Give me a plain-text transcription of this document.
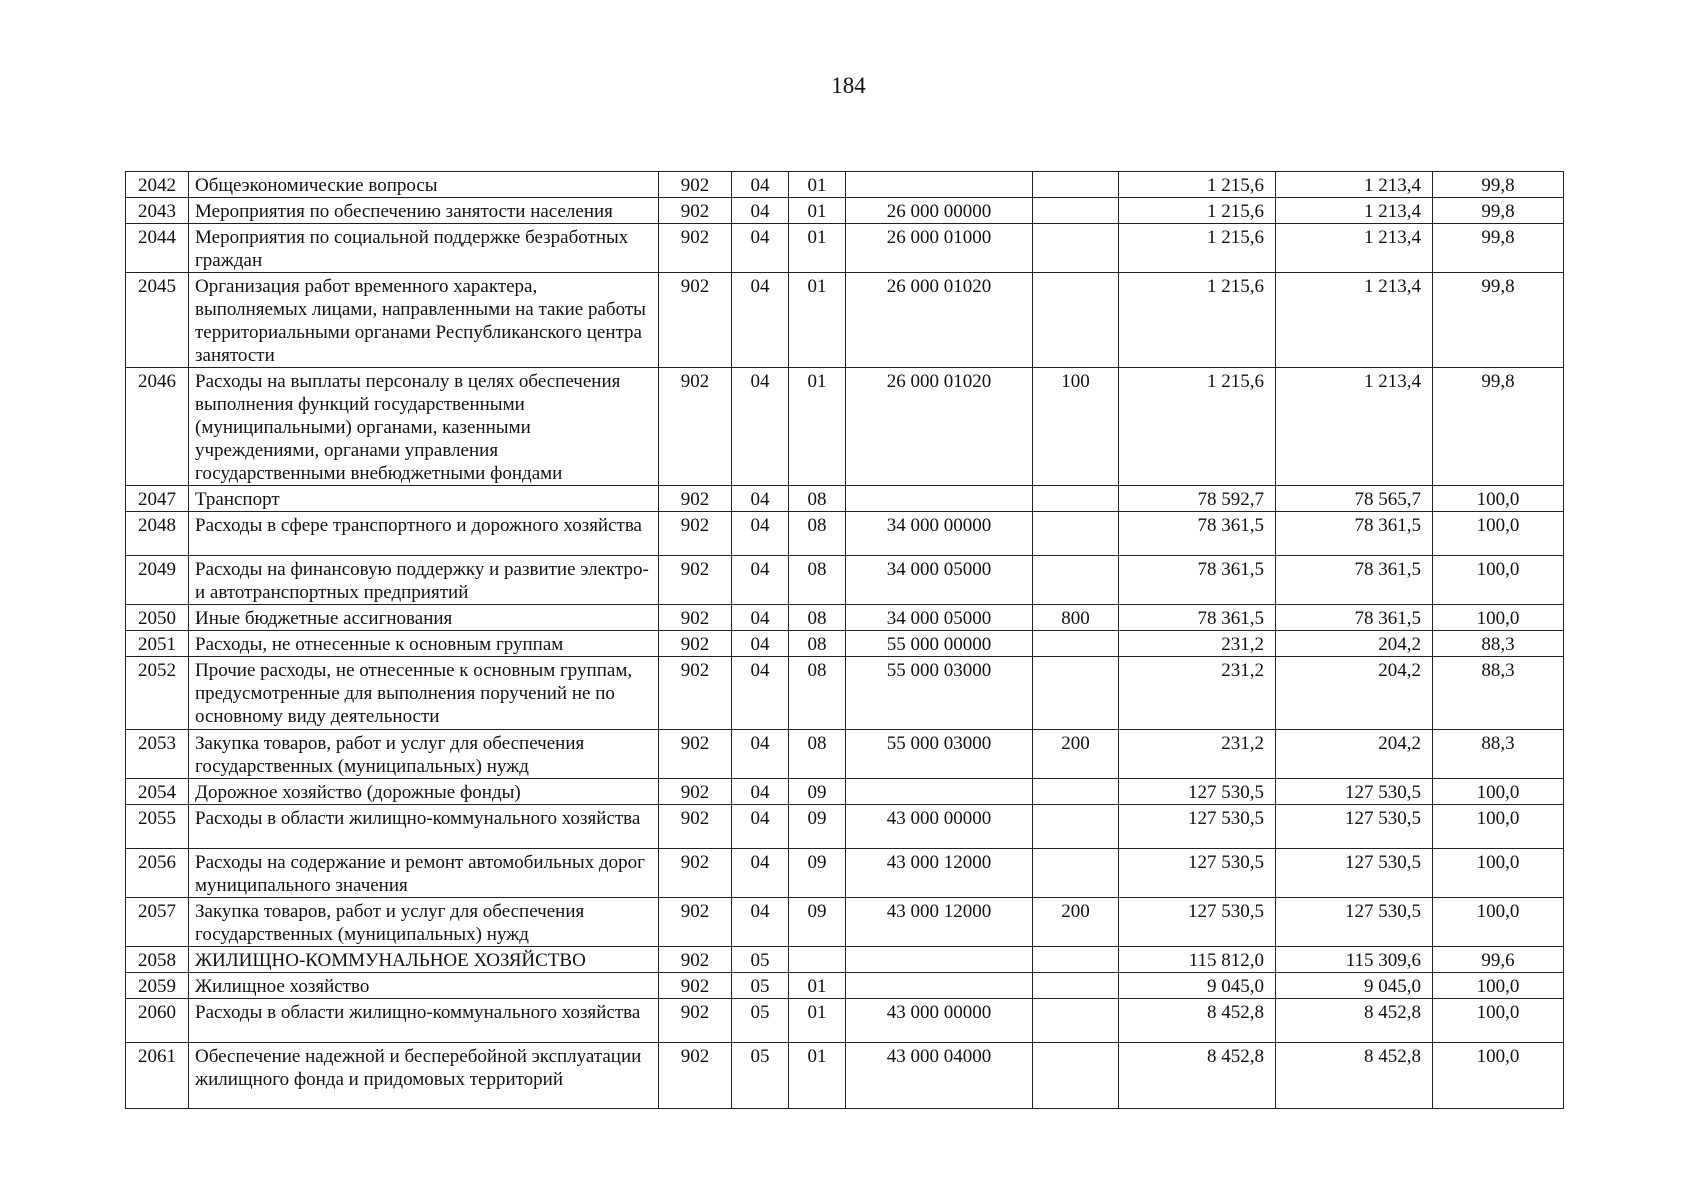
184
2042	Общеэкономические вопросы	902	04	01			1 215,6	1 213,4	99,8
2043	Мероприятия по обеспечению занятости населения	902	04	01	26 000 00000		1 215,6	1 213,4	99,8
2044	Мероприятия по социальной поддержке безработных граждан	902	04	01	26 000 01000		1 215,6	1 213,4	99,8
2045	Организация работ временного характера, выполняемых лицами, направленными на такие работы территориальными органами Республиканского центра занятости	902	04	01	26 000 01020		1 215,6	1 213,4	99,8
2046	Расходы на выплаты персоналу в целях обеспечения выполнения функций государственными (муниципальными) органами, казенными учреждениями, органами управления государственными внебюджетными фондами	902	04	01	26 000 01020	100	1 215,6	1 213,4	99,8
2047	Транспорт	902	04	08			78 592,7	78 565,7	100,0
2048	Расходы в сфере транспортного и дорожного хозяйства	902	04	08	34 000 00000		78 361,5	78 361,5	100,0
2049	Расходы на финансовую поддержку и развитие электро- и автотранспортных предприятий	902	04	08	34 000 05000		78 361,5	78 361,5	100,0
2050	Иные бюджетные ассигнования	902	04	08	34 000 05000	800	78 361,5	78 361,5	100,0
2051	Расходы, не отнесенные к основным группам	902	04	08	55 000 00000		231,2	204,2	88,3
2052	Прочие расходы, не отнесенные к основным группам, предусмотренные для выполнения поручений не по основному виду деятельности	902	04	08	55 000 03000		231,2	204,2	88,3
2053	Закупка товаров, работ и услуг для обеспечения государственных (муниципальных) нужд	902	04	08	55 000 03000	200	231,2	204,2	88,3
2054	Дорожное хозяйство (дорожные фонды)	902	04	09			127 530,5	127 530,5	100,0
2055	Расходы в области жилищно-коммунального хозяйства	902	04	09	43 000 00000		127 530,5	127 530,5	100,0
2056	Расходы на содержание и ремонт автомобильных дорог муниципального значения	902	04	09	43 000 12000		127 530,5	127 530,5	100,0
2057	Закупка товаров, работ и услуг для обеспечения государственных (муниципальных) нужд	902	04	09	43 000 12000	200	127 530,5	127 530,5	100,0
2058	ЖИЛИЩНО-КОММУНАЛЬНОЕ ХОЗЯЙСТВО	902	05				115 812,0	115 309,6	99,6
2059	Жилищное хозяйство	902	05	01			9 045,0	9 045,0	100,0
2060	Расходы в области жилищно-коммунального хозяйства	902	05	01	43 000 00000		8 452,8	8 452,8	100,0
2061	Обеспечение надежной и бесперебойной эксплуатации жилищного фонда и придомовых территорий	902	05	01	43 000 04000		8 452,8	8 452,8	100,0
